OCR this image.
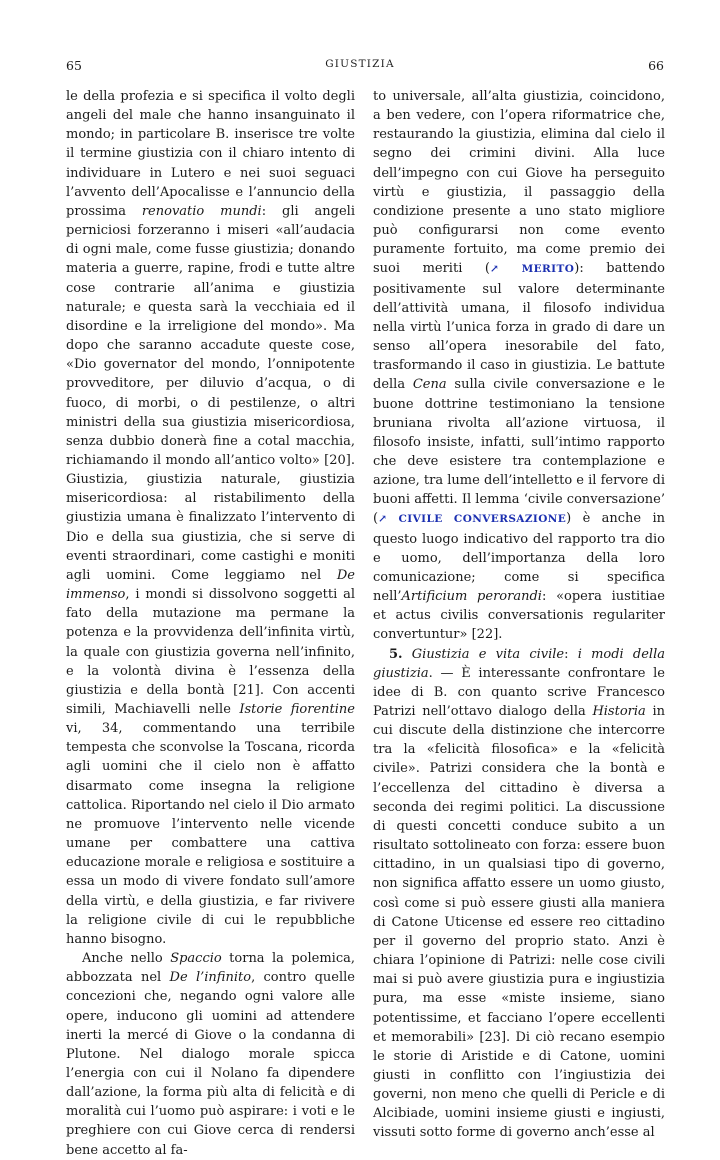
65	GIUSTIZIA	66

le della profezia e si specifica il volto degli angeli del male che hanno insanguinato il mondo; in particolare B. inserisce tre volte il termine giustizia con il chiaro intento di individuare in Lutero e nei suoi seguaci l’avvento dell’Apocalisse e l’annuncio della prossima renovatio mundi: gli angeli perniciosi forzeranno i miseri «all’audacia di ogni male, come fusse giustizia; donando materia a guerre, rapine, frodi e tutte altre cose contrarie all’anima e giustizia naturale; e questa sarà la vecchiaia ed il disordine e la irreligione del mondo». Ma dopo che saranno accadute queste cose, «Dio governator del mondo, l’onnipotente provveditore, per diluvio d’acqua, o di fuoco, di morbi, o di pestilenze, o altri ministri della sua giustizia misericordiosa, senza dubbio donerà fine a cotal macchia, richiamando il mondo all’antico volto» [20]. Giustizia, giustizia naturale, giustizia misericordiosa: al ristabilimento della giustizia umana è finalizzato l’intervento di Dio e della sua giustizia, che si serve di eventi straordinari, come castighi e moniti agli uomini. Come leggiamo nel De immenso, i mondi si dissolvono soggetti al fato della mutazione ma permane la potenza e la provvidenza dell’infinita virtù, la quale con giustizia governa nell’infinito, e la volontà divina è l’essenza della giustizia e della bontà [21]. Con accenti simili, Machiavelli nelle Istorie fiorentine vi, 34, commentando una terribile tempesta che sconvolse la Toscana, ricorda agli uomini che il cielo non è affatto disarmato come insegna la religione cattolica. Riportando nel cielo il Dio armato ne promuove l’intervento nelle vicende umane per combattere una cattiva educazione morale e religiosa e sostituire a essa un modo di vivere fondato sull’amore della virtù, e della giustizia, e far rivivere la religione civile di cui le repubbliche hanno bisogno.

Anche nello Spaccio torna la polemica, abbozzata nel De l’infinito, contro quelle concezioni che, negando ogni valore alle opere, inducono gli uomini ad attendere inerti la mercé di Giove o la condanna di Plutone. Nel dialogo morale spicca l’energia con cui il Nolano fa dipendere dall’azione, la forma più alta di felicità e di moralità cui l’uomo può aspirare: i voti e le preghiere con cui Giove cerca di rendersi bene accetto al fa-

to universale, all’alta giustizia, coincidono, a ben vedere, con l’opera riformatrice che, restaurando la giustizia, elimina dal cielo il segno dei crimini divini. Alla luce dell’impegno con cui Giove ha perseguito virtù e giustizia, il passaggio della condizione presente a uno stato migliore può configurarsi non come evento puramente fortuito, ma come premio dei suoi meriti (↗ MERITO): battendo positivamente sul valore determinante dell’attività umana, il filosofo individua nella virtù l’unica forza in grado di dare un senso all’opera inesorabile del fato, trasformando il caso in giustizia. Le battute della Cena sulla civile conversazione e le buone dottrine testimoniano la tensione bruniana rivolta all’azione virtuosa, il filosofo insiste, infatti, sull’intimo rapporto che deve esistere tra contemplazione e azione, tra lume dell’intelletto e il fervore di buoni affetti. Il lemma ‘civile conversazione’ (↗ CIVILE CONVERSAZIONE) è anche in questo luogo indicativo del rapporto tra dio e uomo, dell’importanza della loro comunicazione; come si specifica nell’Artificium perorandi: «opera iustitiae et actus civilis conversationis regulariter convertuntur» [22].

5. Giustizia e vita civile: i modi della giustizia. — È interessante confrontare le idee di B. con quanto scrive Francesco Patrizi nell’ottavo dialogo della Historia in cui discute della distinzione che intercorre tra la «felicità filosofica» e la «felicità civile». Patrizi considera che la bontà e l’eccellenza del cittadino è diversa a seconda dei regimi politici. La discussione di questi concetti conduce subito a un risultato sottolineato con forza: essere buon cittadino, in un qualsiasi tipo di governo, non significa affatto essere un uomo giusto, così come si può essere giusti alla maniera di Catone Uticense ed essere reo cittadino per il governo del proprio stato. Anzi è chiara l’opinione di Patrizi: nelle cose civili mai si può avere giustizia pura e ingiustizia pura, ma esse «miste insieme, siano potentissime, et facciano l’opere eccellenti et memorabili» [23]. Di ciò recano esempio le storie di Aristide e di Catone, uomini giusti in conflitto con l’ingiustizia dei governi, non meno che quelli di Pericle e di Alcibiade, uomini insieme giusti e ingiusti, vissuti sotto forme di governo anch’esse al
